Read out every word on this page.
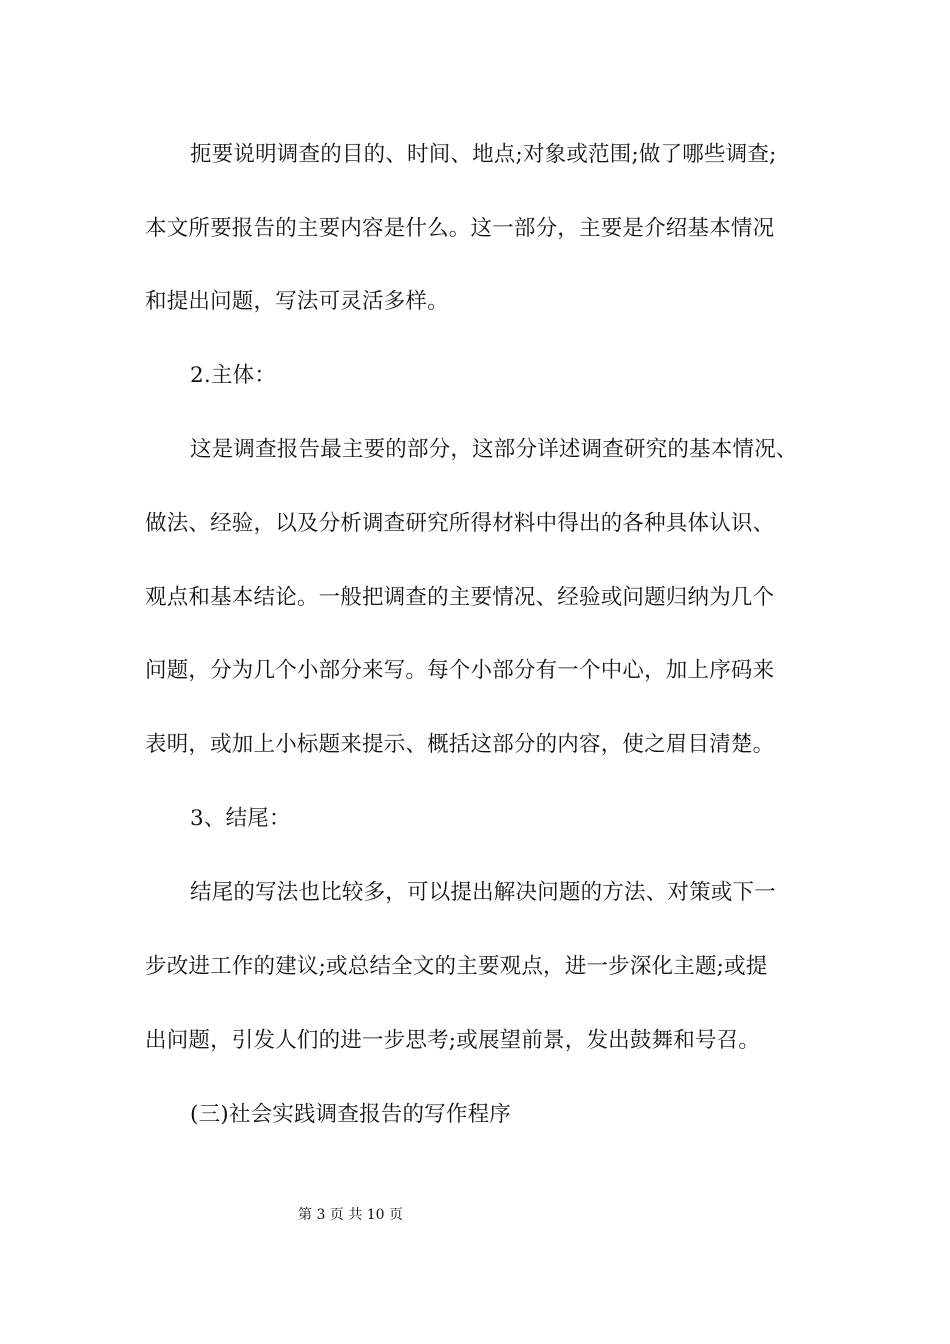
扼要说明调查的目的、时间、地点;对象或范围;做了哪些调查;
本文所要报告的主要内容是什么。这一部分，主要是介绍基本情况
和提出问题，写法可灵活多样。
2.主体：
这是调查报告最主要的部分，这部分详述调查研究的基本情况、
做法、经验，以及分析调查研究所得材料中得出的各种具体认识、
观点和基本结论。一般把调查的主要情况、经验或问题归纳为几个
问题，分为几个小部分来写。每个小部分有一个中心，加上序码来
表明，或加上小标题来提示、概括这部分的内容，使之眉目清楚。
3、结尾：
结尾的写法也比较多，可以提出解决问题的方法、对策或下一
步改进工作的建议;或总结全文的主要观点，进一步深化主题;或提
出问题，引发人们的进一步思考;或展望前景，发出鼓舞和号召。
(三)社会实践调查报告的写作程序
第 3 页 共 10 页
